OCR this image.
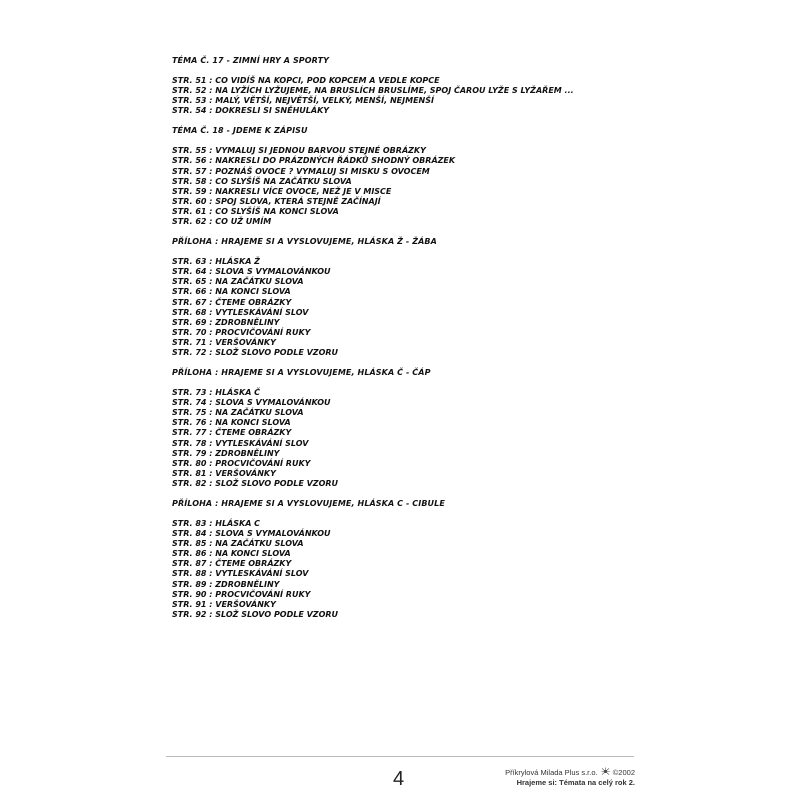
TÉMA Č. 17 - ZIMNÍ HRY A SPORTY
STR. 51 : CO VIDÍŠ NA KOPCI, POD KOPCEM A VEDLE KOPCE
STR. 52 : NA LYŽÍCH LYŽUJEME, NA BRUSLÍCH BRUSLÍME, SPOJ ČAROU LYŽE S LYŽAŘEM ...
STR. 53 : MALÝ, VĚTŠÍ, NEJVĚTŠÍ, VELKÝ, MENŠÍ, NEJMENŠÍ
STR. 54 : DOKRESLI SI SNĚHULÁKY
TÉMA Č. 18 - JDEME K ZÁPISU
STR. 55 : VYMALUJ SI JEDNOU BARVOU STEJNÉ OBRÁZKY
STR. 56 : NAKRESLI DO PRÁZDNÝCH ŘÁDKŮ SHODNÝ OBRÁZEK
STR. 57 : POZNÁŠ OVOCE ? VYMALUJ SI MISKU S OVOCEM
STR. 58 : CO SLYŠÍŠ NA ZAČÁTKU SLOVA
STR. 59 : NAKRESLI VÍCE OVOCE, NEŽ JE V MISCE
STR. 60 : SPOJ SLOVA, KTERÁ STEJNĚ ZAČÍNAJÍ
STR. 61 : CO SLYŠÍŠ NA KONCI SLOVA
STR. 62 : CO UŽ UMÍM
PŘÍLOHA : HRAJEME SI A VYSLOVUJEME, HLÁSKA Ž - ŽÁBA
STR. 63 : HLÁSKA Ž
STR. 64 : SLOVA S VYMALOVÁNKOU
STR. 65 : NA ZAČÁTKU SLOVA
STR. 66 : NA KONCI SLOVA
STR. 67 : ČTEME OBRÁZKY
STR. 68 : VYTLESKÁVÁNÍ SLOV
STR. 69 : ZDROBNĚLINY
STR. 70 : PROCVIČOVÁNÍ RUKY
STR. 71 : VERŠOVÁNKY
STR. 72 : SLOŽ SLOVO PODLE VZORU
PŘÍLOHA : HRAJEME SI A VYSLOVUJEME, HLÁSKA Č - ČÁP
STR. 73 : HLÁSKA Č
STR. 74 : SLOVA S VYMALOVÁNKOU
STR. 75 : NA ZAČÁTKU SLOVA
STR. 76 : NA KONCI SLOVA
STR. 77 : ČTEME OBRÁZKY
STR. 78 : VYTLESKÁVÁNÍ SLOV
STR. 79 : ZDROBNĚLINY
STR. 80 : PROCVIČOVÁNÍ RUKY
STR. 81 : VERŠOVÁNKY
STR. 82 : SLOŽ SLOVO PODLE VZORU
PŘÍLOHA : HRAJEME SI A VYSLOVUJEME, HLÁSKA C - CIBULE
STR. 83 : HLÁSKA C
STR. 84 : SLOVA S VYMALOVÁNKOU
STR. 85 : NA ZAČÁTKU SLOVA
STR. 86 : NA KONCI SLOVA
STR. 87 : ČTEME OBRÁZKY
STR. 88 : VYTLESKÁVÁNÍ SLOV
STR. 89 : ZDROBNĚLINY
STR. 90 : PROCVIČOVÁNÍ RUKY
STR. 91 : VERŠOVÁNKY
STR. 92 : SLOŽ SLOVO PODLE VZORU
4	Příkrylová Milada Plus s.r.o. ©2002
Hrajeme si: Témata na celý rok 2.
